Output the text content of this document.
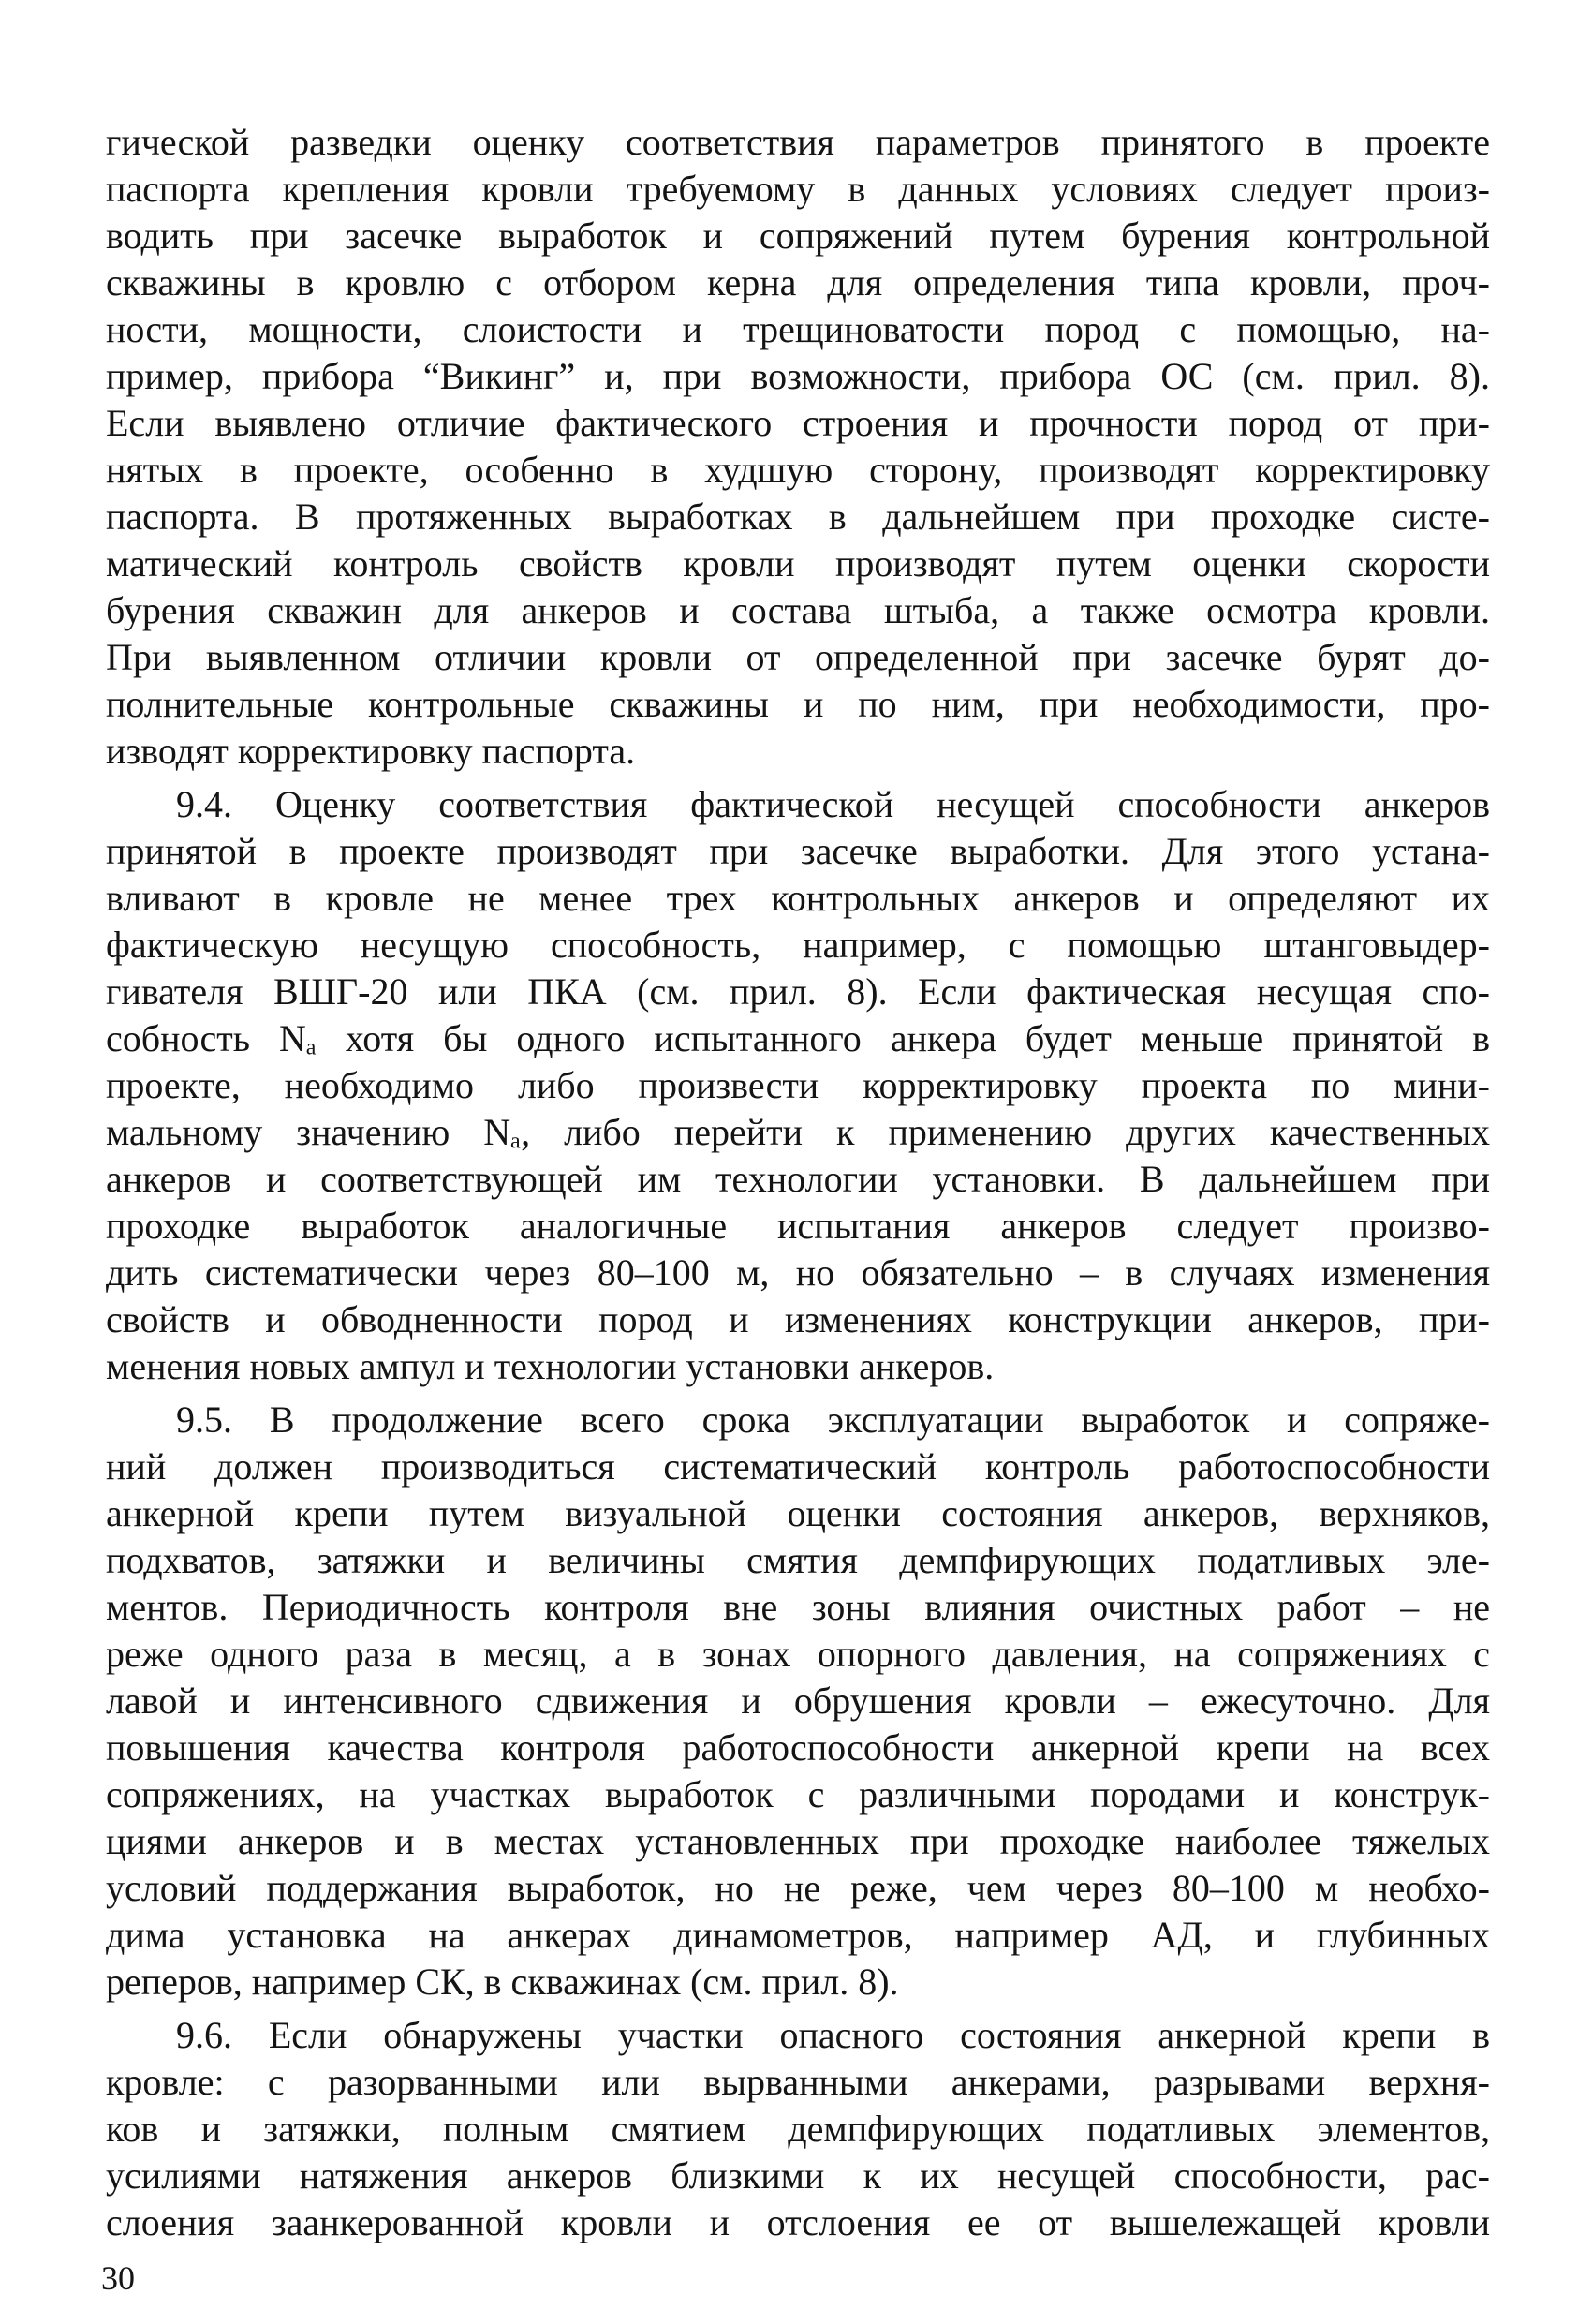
гической разведки оценку соответствия параметров принятого в проекте
паспорта крепления кровли требуемому в данных условиях следует произ-
водить при засечке выработок и сопряжений путем бурения контрольной
скважины в кровлю с отбором керна для определения типа кровли, проч-
ности, мощности, слоистости и трещиноватости пород с помощью, на-
пример, прибора “Викинг” и, при возможности, прибора ОС (см. прил. 8).
Если выявлено отличие фактического строения и прочности пород от при-
нятых в проекте, особенно в худшую сторону, производят корректировку
паспорта. В протяженных выработках в дальнейшем при проходке систе-
матический контроль свойств кровли производят путем оценки скорости
бурения скважин для анкеров и состава штыба, а также осмотра кровли.
При выявленном отличии кровли от определенной при засечке бурят до-
полнительные контрольные скважины и по ним, при необходимости, про-
изводят корректировку паспорта.
9.4. Оценку соответствия фактической несущей способности анкеров
принятой в проекте производят при засечке выработки. Для этого устана-
вливают в кровле не менее трех контрольных анкеров и определяют их
фактическую несущую способность, например, с помощью штангoвыдер-
гивателя ВШГ-20 или ПКА (см. прил. 8). Если фактическая несущая спо-
собность Nₐ хотя бы одного испытанного анкера будет меньше принятой в
проекте, необходимо либо произвести корректировку проекта по мини-
мальному значению Nₐ, либо перейти к применению других качественных
анкеров и соответствующей им технологии установки. В дальнейшем при
проходке выработок аналогичные испытания анкеров следует произво-
дить систематически через 80–100 м, но обязательно – в случаях изменения
свойств и обводненности пород и изменениях конструкции анкеров, при-
менения новых ампул и технологии установки анкеров.
9.5. В продолжение всего срока эксплуатации выработок и сопряже-
ний должен производиться систематический контроль работоспособности
анкерной крепи путем визуальной оценки состояния анкеров, верхняков,
подхватов, затяжки и величины смятия демпфирующих податливых эле-
ментов. Периодичность контроля вне зоны влияния очистных работ – не
реже одного раза в месяц, а в зонах опорного давления, на сопряжениях с
лавой и интенсивного сдвижения и обрушения кровли – ежесуточно. Для
повышения качества контроля работоспособности анкерной крепи на всех
сопряжениях, на участках выработок с различными породами и конструк-
циями анкеров и в местах установленных при проходке наиболее тяжелых
условий поддержания выработок, но не реже, чем через 80–100 м необхо-
дима установка на анкерах динамометров, например АД, и глубинных
реперов, например СК, в скважинах (см. прил. 8).
9.6. Если обнаружены участки опасного состояния анкерной крепи в
кровле: с разорванными или вырванными анкерами, разрывами верхня-
ков и затяжки, полным смятием демпфирующих податливых элементов,
усилиями натяжения анкеров близкими к их несущей способности, рас-
слоения заанкерованной кровли и отслоения ее от вышележащей кровли
30
